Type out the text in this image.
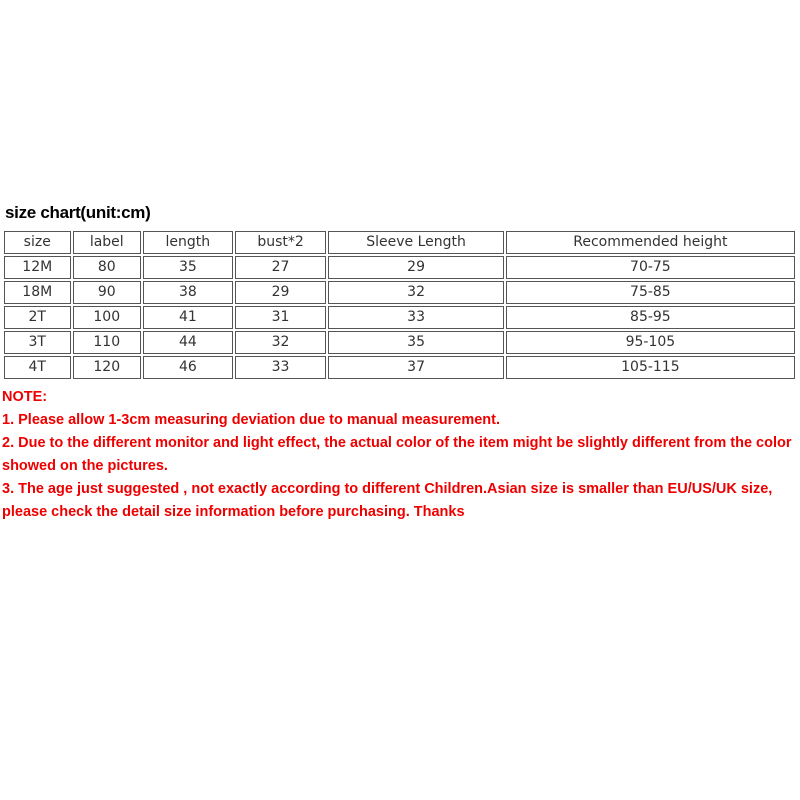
size chart(unit:cm)
size	label	length	bust*2	Sleeve Length	Recommended height
12M	80	35	27	29	70-75
18M	90	38	29	32	75-85
2T	100	41	31	33	85-95
3T	110	44	32	35	95-105
4T	120	46	33	37	105-115

NOTE:

1. Please allow 1-3cm measuring deviation due to manual measurement.

2. Due to the different monitor and light effect, the actual color of the item might be slightly different from the color showed on the pictures.

3. The age just suggested , not exactly according to different Children.Asian size is smaller than EU/US/UK size, please check the detail size information before purchasing. Thanks
